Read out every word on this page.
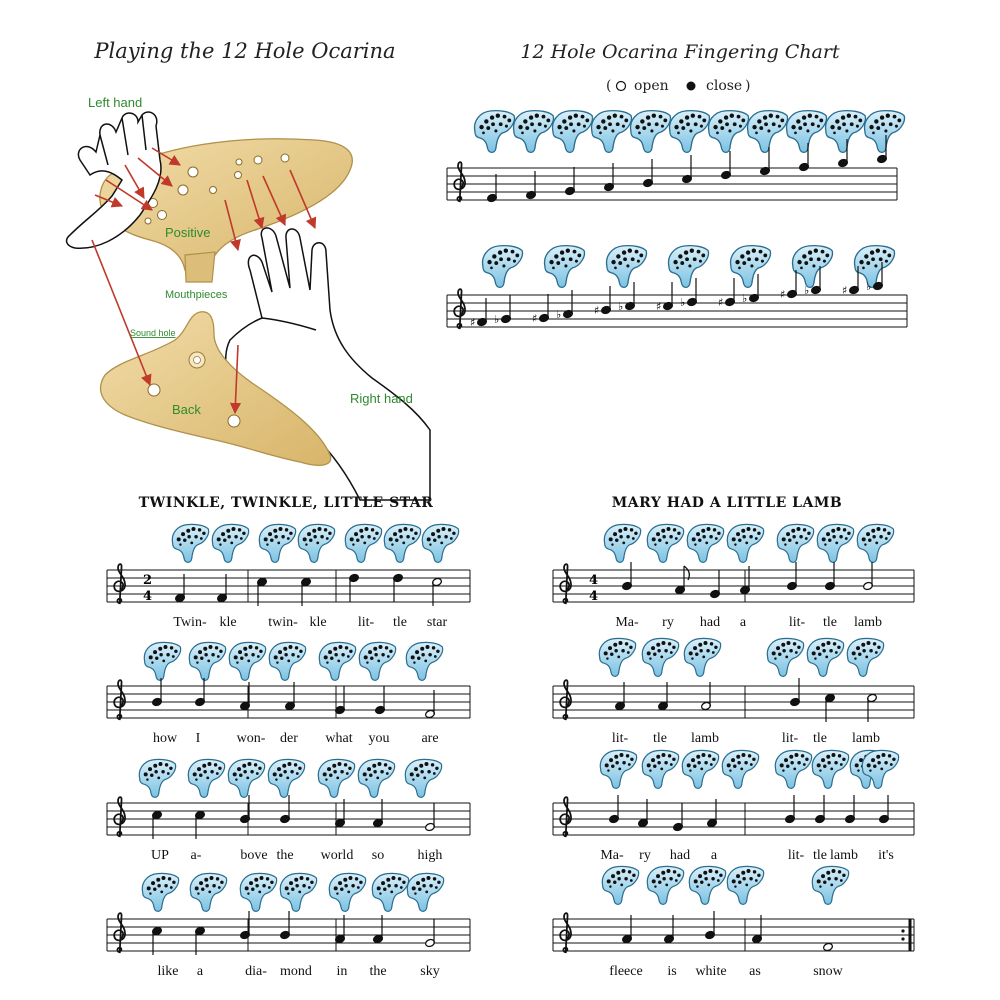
Playing the 12 Hole Ocarina
Left hand
Positive
Mouthpieces
Sound hole
Back
Right hand
12 Hole Ocarina Fingering Chart
( open	close )
♯ ♭	♯ ♭	♯ ♭	♯ ♭	♯ ♭	♯ ♭	♯ ♭
TWINKLE, TWINKLE, LITTLE STAR	MARY HAD A LITTLE LAMB
2
4
Twin- kle twin- kle lit- tle star
how I	won- der what you are
UP a-	bove the world so high
like a	dia- mond in the sky
4
4
Ma- ry had a	lit- tle lamb
lit- tle lamb	lit- tle lamb
Ma- ry had a	lit- tle lamb it's
fleece is white as	snow
